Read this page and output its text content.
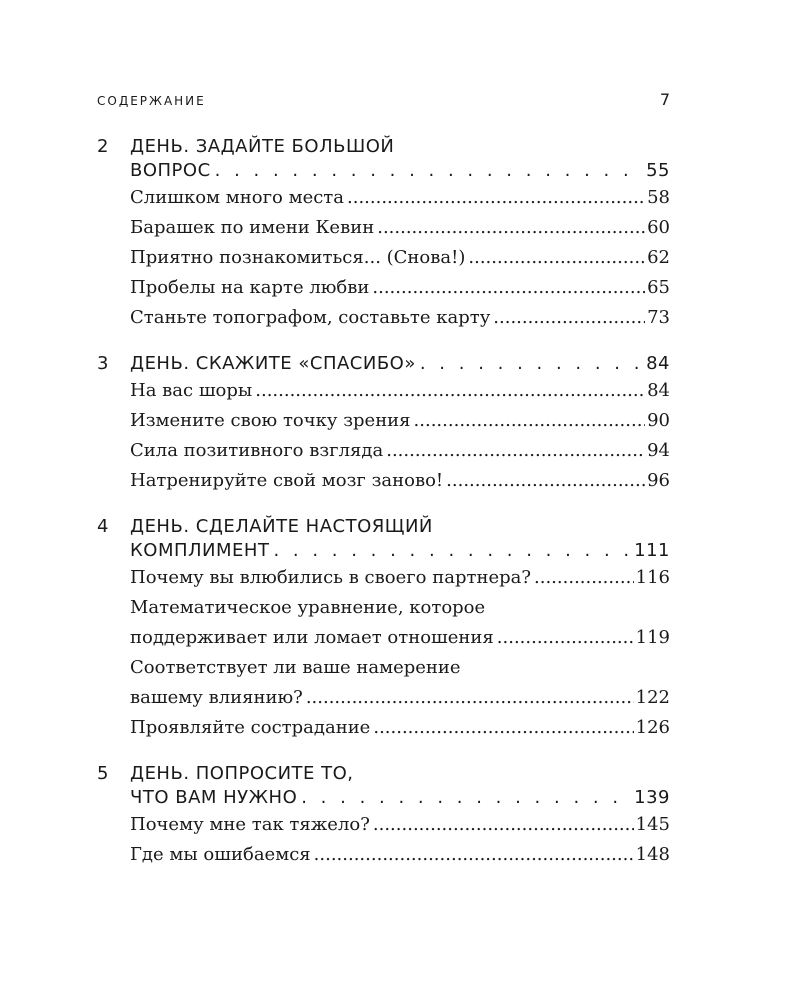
СОДЕРЖАНИЕ	7
2	ДЕНЬ. ЗАДАЙТЕ БОЛЬШОЙ
ВОПРОС . . .	55
Слишком много места .....	58
Барашек по имени Кевин .....	60
Приятно познакомиться... (Снова!) .....	62
Пробелы на карте любви .....	65
Станьте топографом, составьте карту .....	73
3	ДЕНЬ. СКАЖИТЕ «СПАСИБО» . . .	84
На вас шоры .....	84
Измените свою точку зрения .....	90
Сила позитивного взгляда .....	94
Натренируйте свой мозг заново! .....	96
4	ДЕНЬ. СДЕЛАЙТЕ НАСТОЯЩИЙ
КОМПЛИМЕНТ . . .	111
Почему вы влюбились в своего партнера? .....	116
Математическое уравнение, которое
поддерживает или ломает отношения .....	119
Соответствует ли ваше намерение
вашему влиянию? .....	122
Проявляйте сострадание .....	126
5	ДЕНЬ. ПОПРОСИТЕ ТО,
ЧТО ВАМ НУЖНО . . .	139
Почему мне так тяжело? .....	145
Где мы ошибаемся .....	148
